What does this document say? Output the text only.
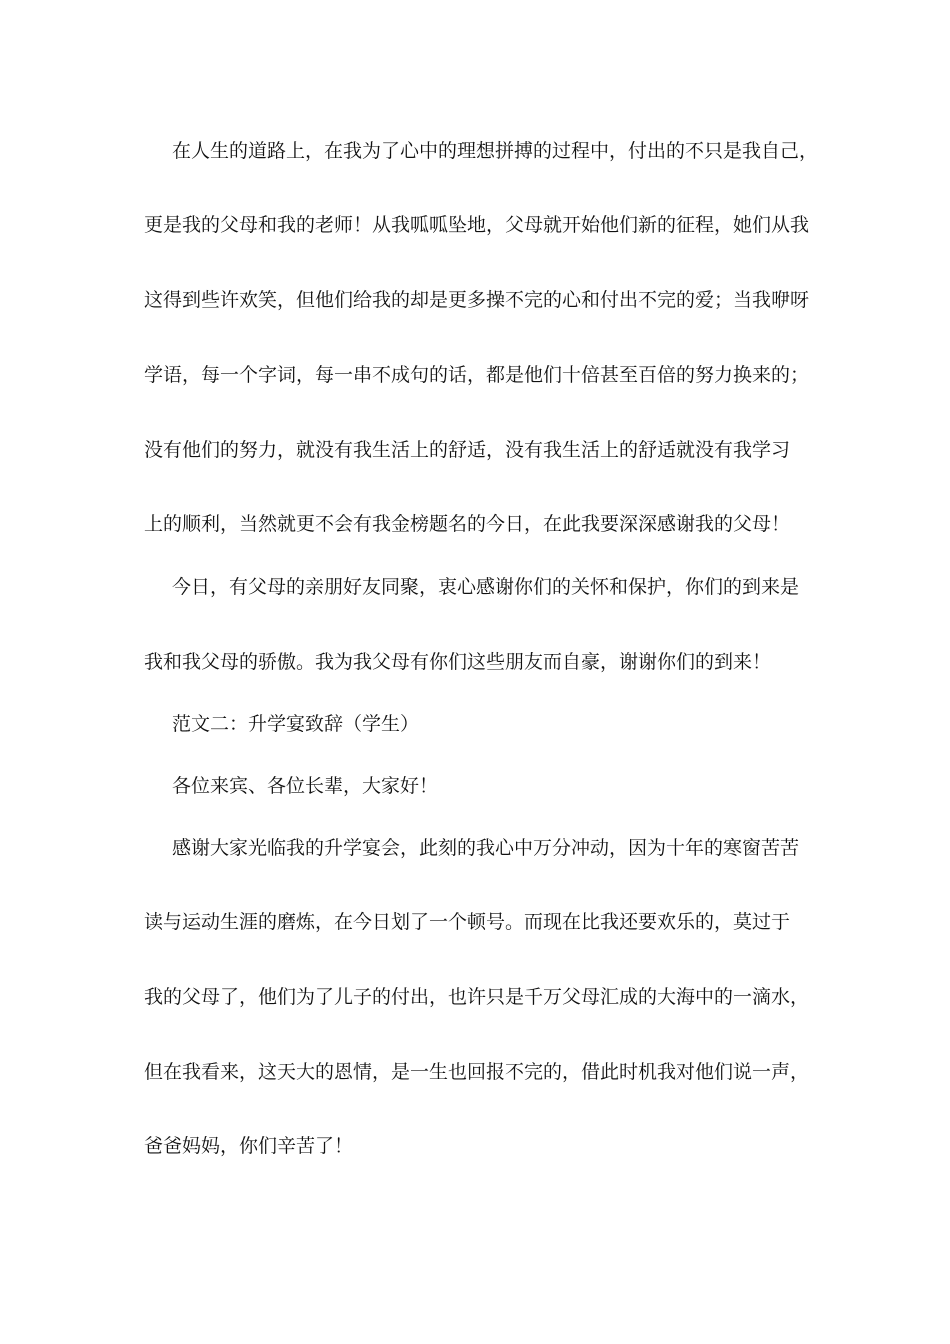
在人生的道路上，在我为了心中的理想拼搏的过程中，付出的不只是我自己，

更是我的父母和我的老师！从我呱呱坠地，父母就开始他们新的征程，她们从我

这得到些许欢笑，但他们给我的却是更多操不完的心和付出不完的爱；当我咿呀

学语，每一个字词，每一串不成句的话，都是他们十倍甚至百倍的努力换来的；

没有他们的努力，就没有我生活上的舒适，没有我生活上的舒适就没有我学习

上的顺利，当然就更不会有我金榜题名的今日，在此我要深深感谢我的父母！

今日，有父母的亲朋好友同聚，衷心感谢你们的关怀和保护，你们的到来是

我和我父母的骄傲。我为我父母有你们这些朋友而自豪，谢谢你们的到来！

范文二：升学宴致辞（学生）

各位来宾、各位长辈，大家好！

感谢大家光临我的升学宴会，此刻的我心中万分冲动，因为十年的寒窗苦苦

读与运动生涯的磨炼，在今日划了一个顿号。而现在比我还要欢乐的，莫过于

我的父母了，他们为了儿子的付出，也许只是千万父母汇成的大海中的一滴水，

但在我看来，这天大的恩情，是一生也回报不完的，借此时机我对他们说一声，

爸爸妈妈，你们辛苦了！
